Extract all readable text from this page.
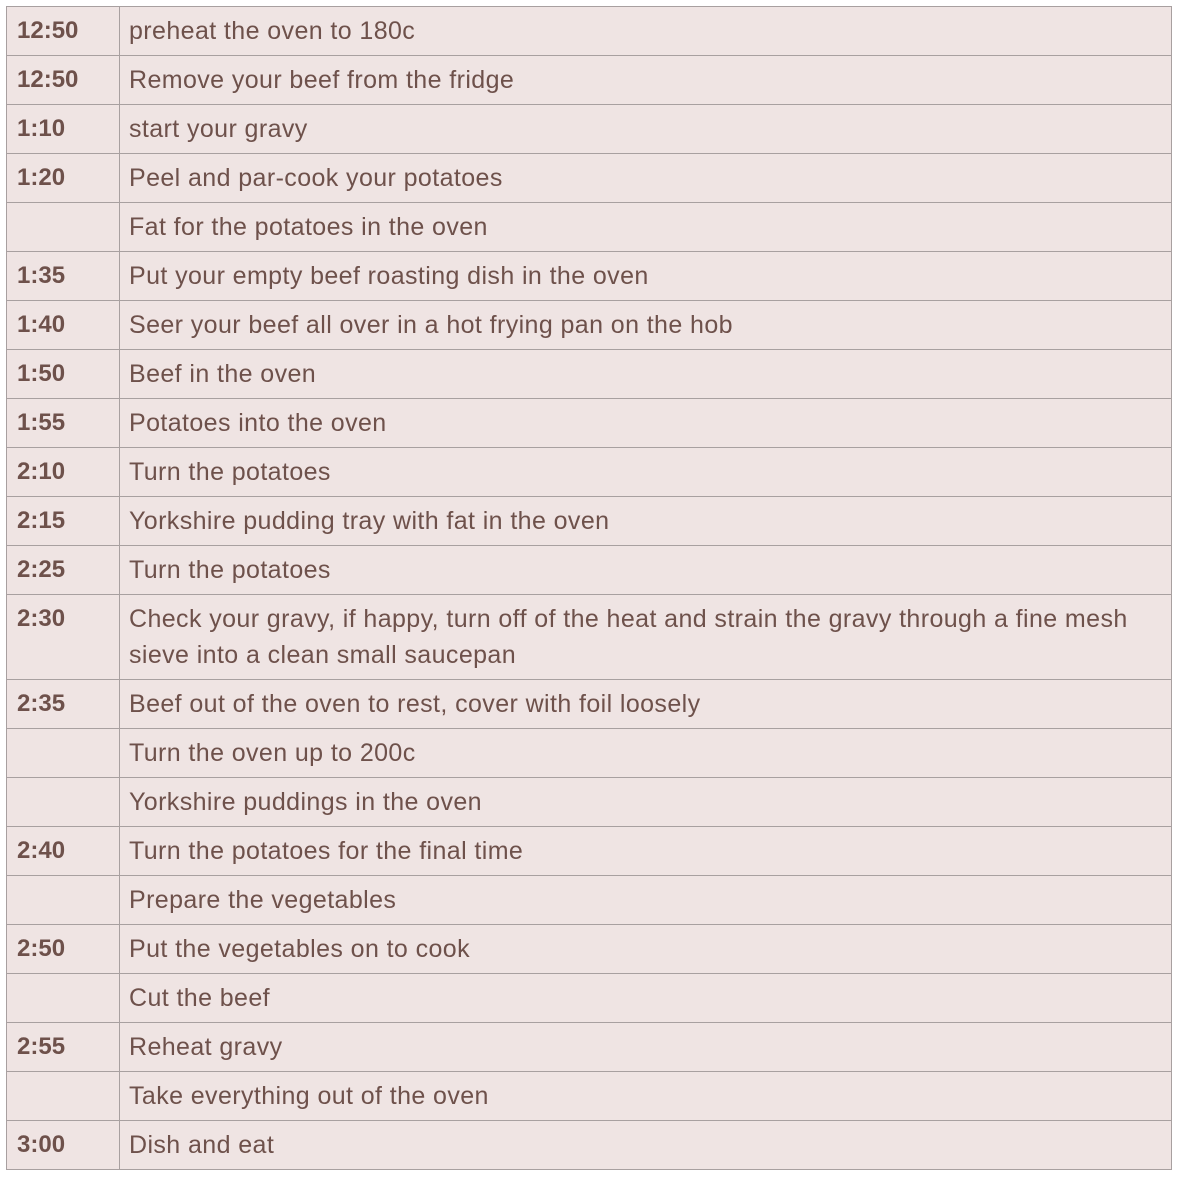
12:50	preheat the oven to 180c
12:50	Remove your beef from the fridge
1:10	start your gravy
1:20	Peel and par-cook your potatoes
	Fat for the potatoes in the oven
1:35	Put your empty beef roasting dish in the oven
1:40	Seer your beef all over in a hot frying pan on the hob
1:50	Beef in the oven
1:55	Potatoes into the oven
2:10	Turn the potatoes
2:15	Yorkshire pudding tray with fat in the oven
2:25	Turn the potatoes
2:30	Check your gravy, if happy, turn off of the heat and strain the gravy through a fine mesh sieve into a clean small saucepan
2:35	Beef out of the oven to rest, cover with foil loosely
	Turn the oven up to 200c
	Yorkshire puddings in the oven
2:40	Turn the potatoes for the final time
	Prepare the vegetables
2:50	Put the vegetables on to cook
	Cut the beef
2:55	Reheat gravy
	Take everything out of the oven
3:00	Dish and eat
